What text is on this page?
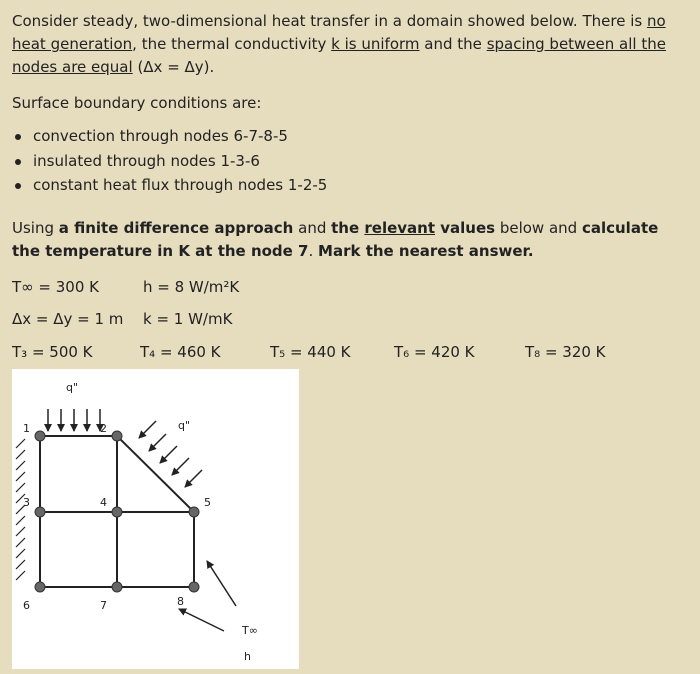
Consider steady, two-dimensional heat transfer in a domain showed below. There is no heat generation, the thermal conductivity k is uniform and the spacing between all the nodes are equal (Δx = Δy).

Surface boundary conditions are:

convection through nodes 6-7-8-5
insulated through nodes 1-3-6
constant heat flux through nodes 1-2-5

Using a finite difference approach and the relevant values below and calculate the temperature in K at the node 7. Mark the nearest answer.

T∞ = 300 K	h = 8 W/m²K
Δx = Δy = 1 m k = 1 W/mK
T₃ = 500 K	T₄ = 460 K	T₅ = 440 K	T₆ = 420 K	T₈ = 320 K
q"
q"
1	2
3	4	5
6	7	8
T∞
h
